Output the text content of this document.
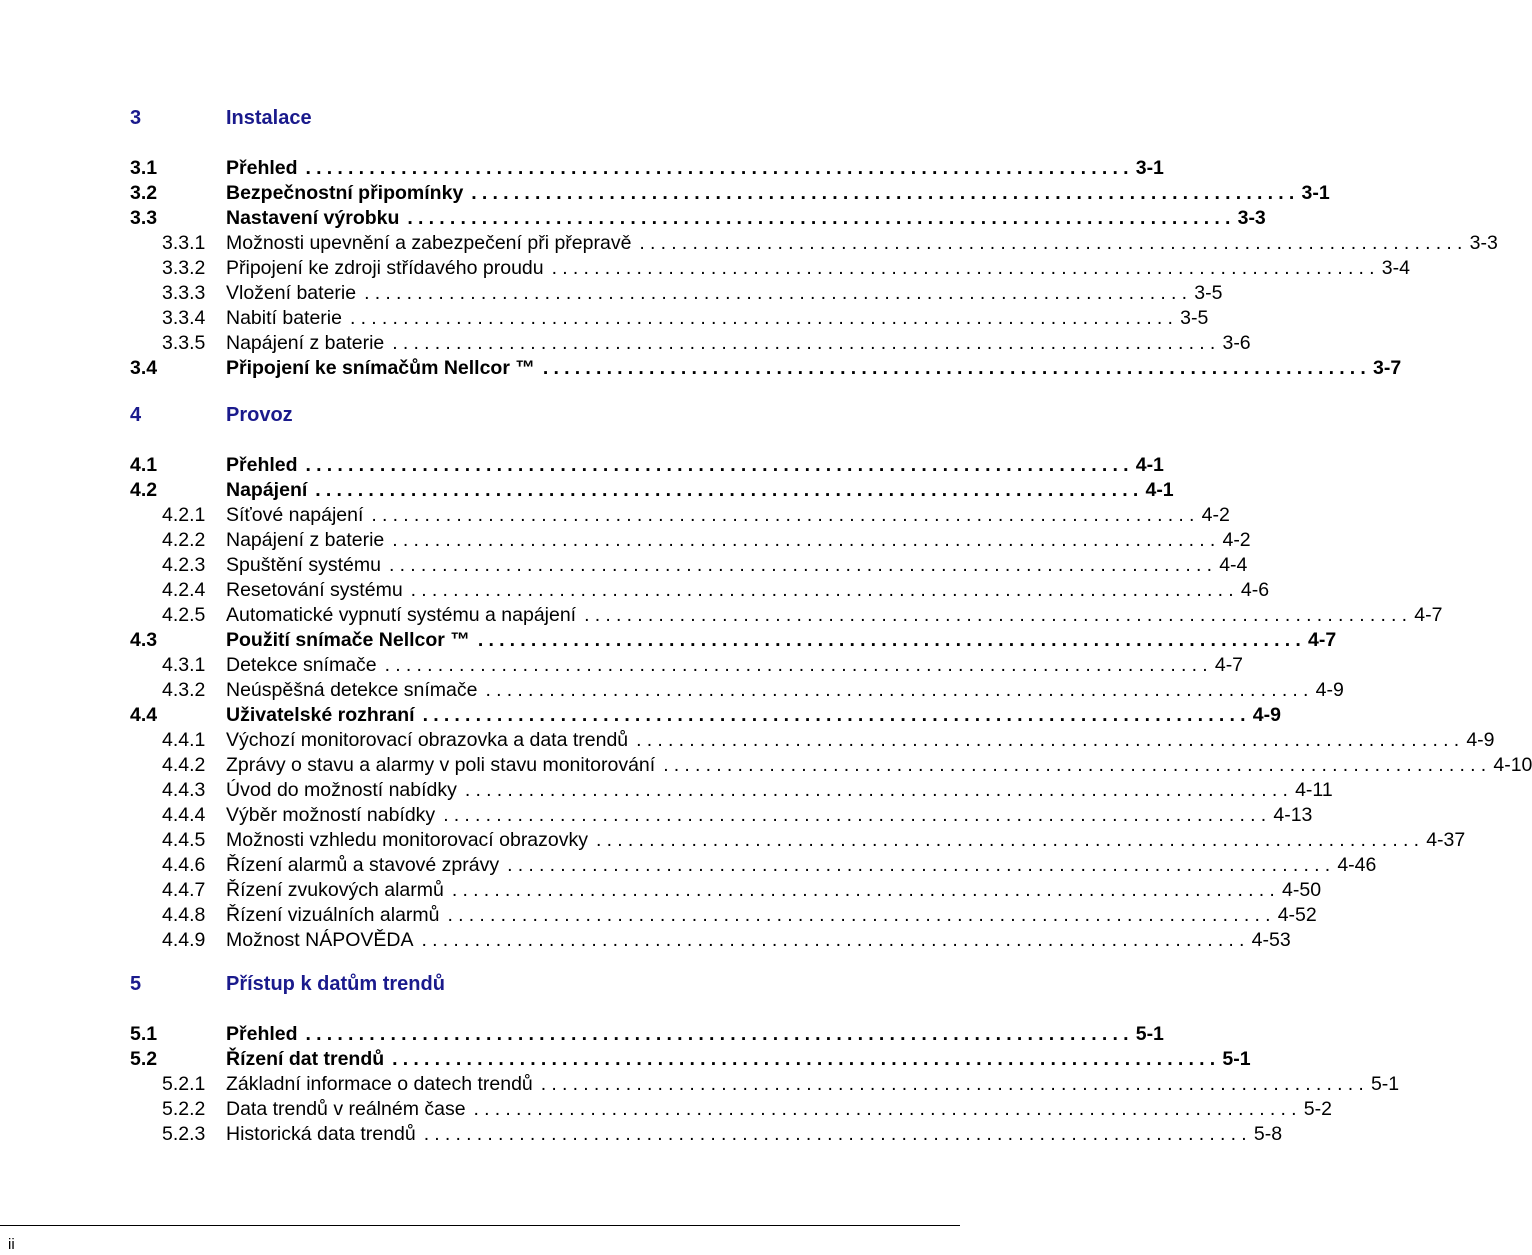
3	Instalace
3.1	Přehled .............................................................................. 3-1
3.2	Bezpečnostní připomínky .............................................................................. 3-1
3.3	Nastavení výrobku .............................................................................. 3-3
3.3.1 Možnosti upevnění a zabezpečení při přepravě .............................................................................. 3-3
3.3.2 Připojení ke zdroji střídavého proudu .............................................................................. 3-4
3.3.3 Vložení baterie .............................................................................. 3-5
3.3.4 Nabití baterie .............................................................................. 3-5
3.3.5 Napájení z baterie .............................................................................. 3-6
3.4	Připojení ke snímačům Nellcor ™ .............................................................................. 3-7
4	Provoz
4.1	Přehled .............................................................................. 4-1
4.2	Napájení .............................................................................. 4-1
4.2.1 Síťové napájení .............................................................................. 4-2
4.2.2 Napájení z baterie .............................................................................. 4-2
4.2.3 Spuštění systému .............................................................................. 4-4
4.2.4 Resetování systému .............................................................................. 4-6
4.2.5 Automatické vypnutí systému a napájení .............................................................................. 4-7
4.3	Použití snímače Nellcor ™ .............................................................................. 4-7
4.3.1 Detekce snímače .............................................................................. 4-7
4.3.2 Neúspěšná detekce snímače .............................................................................. 4-9
4.4	Uživatelské rozhraní .............................................................................. 4-9
4.4.1 Výchozí monitorovací obrazovka a data trendů .............................................................................. 4-9
4.4.2 Zprávy o stavu a alarmy v poli stavu monitorování .............................................................................. 4-10
4.4.3 Úvod do možností nabídky .............................................................................. 4-11
4.4.4 Výběr možností nabídky .............................................................................. 4-13
4.4.5 Možnosti vzhledu monitorovací obrazovky .............................................................................. 4-37
4.4.6 Řízení alarmů a stavové zprávy .............................................................................. 4-46
4.4.7 Řízení zvukových alarmů .............................................................................. 4-50
4.4.8 Řízení vizuálních alarmů .............................................................................. 4-52
4.4.9 Možnost NÁPOVĚDA .............................................................................. 4-53
5	Přístup k datům trendů
5.1	Přehled .............................................................................. 5-1
5.2	Řízení dat trendů .............................................................................. 5-1
5.2.1 Základní informace o datech trendů .............................................................................. 5-1
5.2.2 Data trendů v reálném čase .............................................................................. 5-2
5.2.3 Historická data trendů .............................................................................. 5-8
ii
